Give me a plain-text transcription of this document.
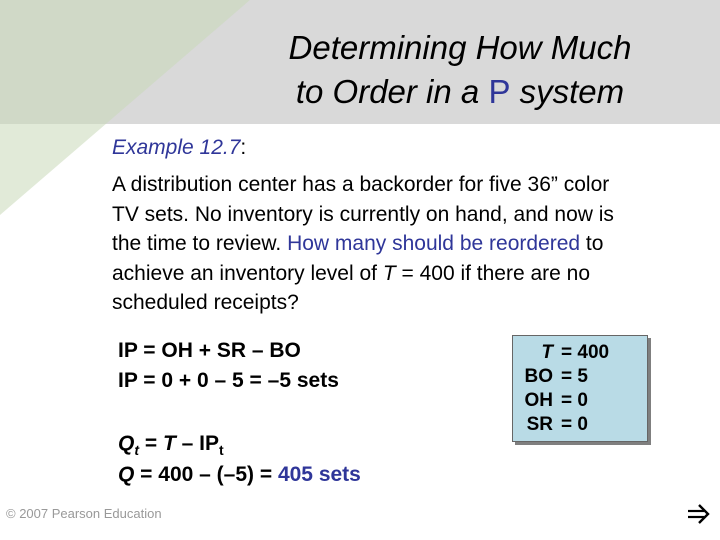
Determining How Much
to Order in a P system
Example 12.7:
A distribution center has a backorder for five 36” color
TV sets. No inventory is currently on hand, and now is
the time to review. How many should be reordered to
achieve an inventory level of T = 400 if there are no
scheduled receipts?
IP = OH + SR – BO
IP = 0 + 0 – 5 = –5 sets
$Q_t = T - IP_t$
Q = 400 – (–5) = 405 sets
T = 400
BO = 5
OH = 0
SR = 0
© 2007 Pearson Education
